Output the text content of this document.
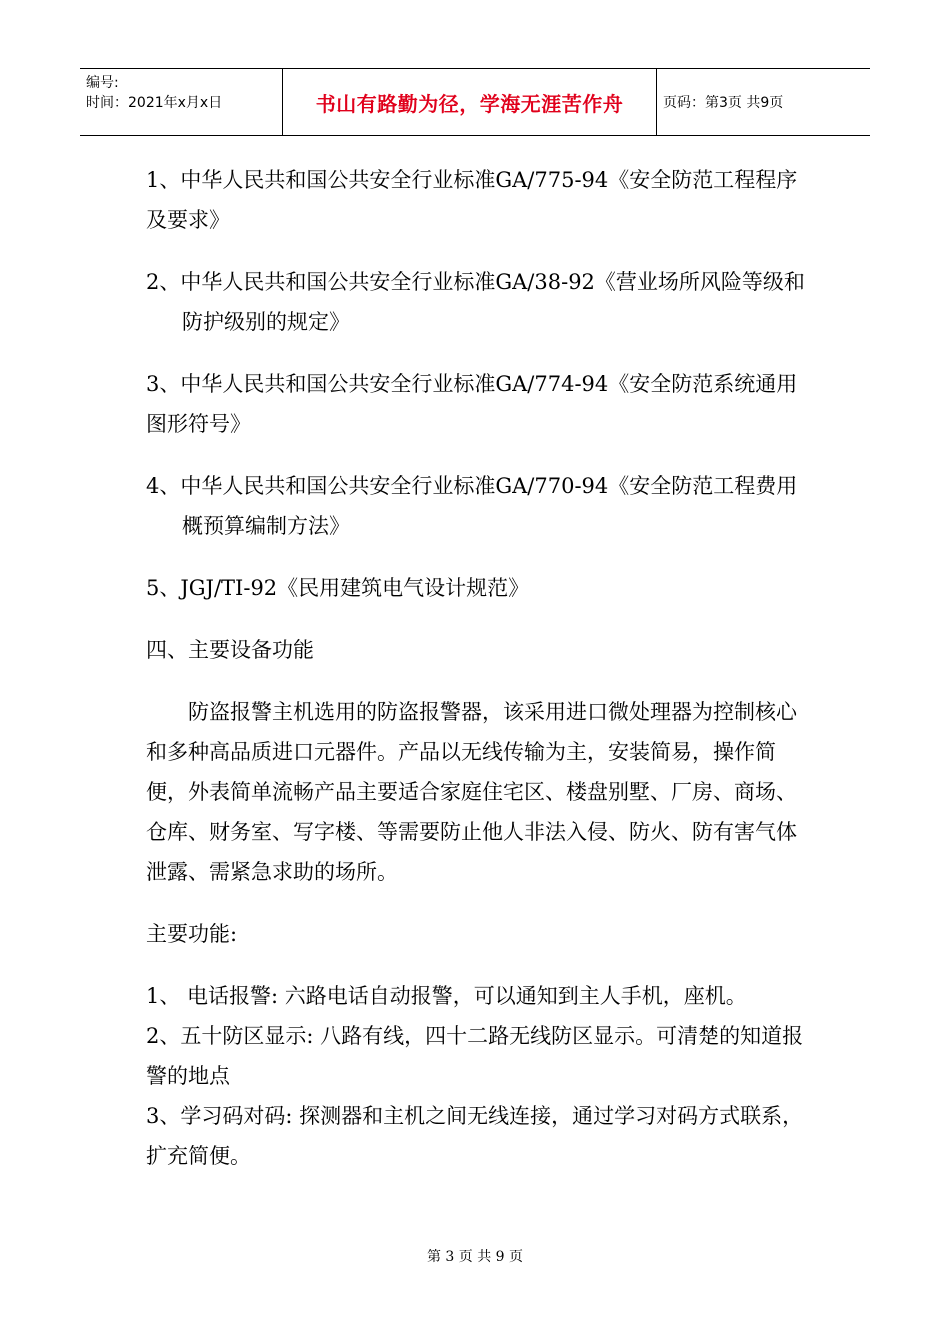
编号:
时间：2021年x月x日	书山有路勤为径，学海无涯苦作舟	页码：第3页 共9页

1、中华人民共和国公共安全行业标准GA/775-94《安全防范工程程序及要求》

2、中华人民共和国公共安全行业标准GA/38-92《营业场所风险等级和防护级别的规定》

3、中华人民共和国公共安全行业标准GA/774-94《安全防范系统通用图形符号》

4、中华人民共和国公共安全行业标准GA/770-94《安全防范工程费用概预算编制方法》

5、JGJ/TI-92《民用建筑电气设计规范》

四、主要设备功能

防盗报警主机选用的防盗报警器，该采用进口微处理器为控制核心和多种高品质进口元器件。产品以无线传输为主，安装简易，操作简便，外表简单流畅产品主要适合家庭住宅区、楼盘别墅、厂房、商场、仓库、财务室、写字楼、等需要防止他人非法入侵、防火、防有害气体泄露、需紧急求助的场所。

主要功能:

1、 电话报警: 六路电话自动报警，可以通知到主人手机，座机。

2、五十防区显示: 八路有线，四十二路无线防区显示。可清楚的知道报警的地点

3、学习码对码: 探测器和主机之间无线连接，通过学习对码方式联系，扩充简便。

第 3 页 共 9 页
